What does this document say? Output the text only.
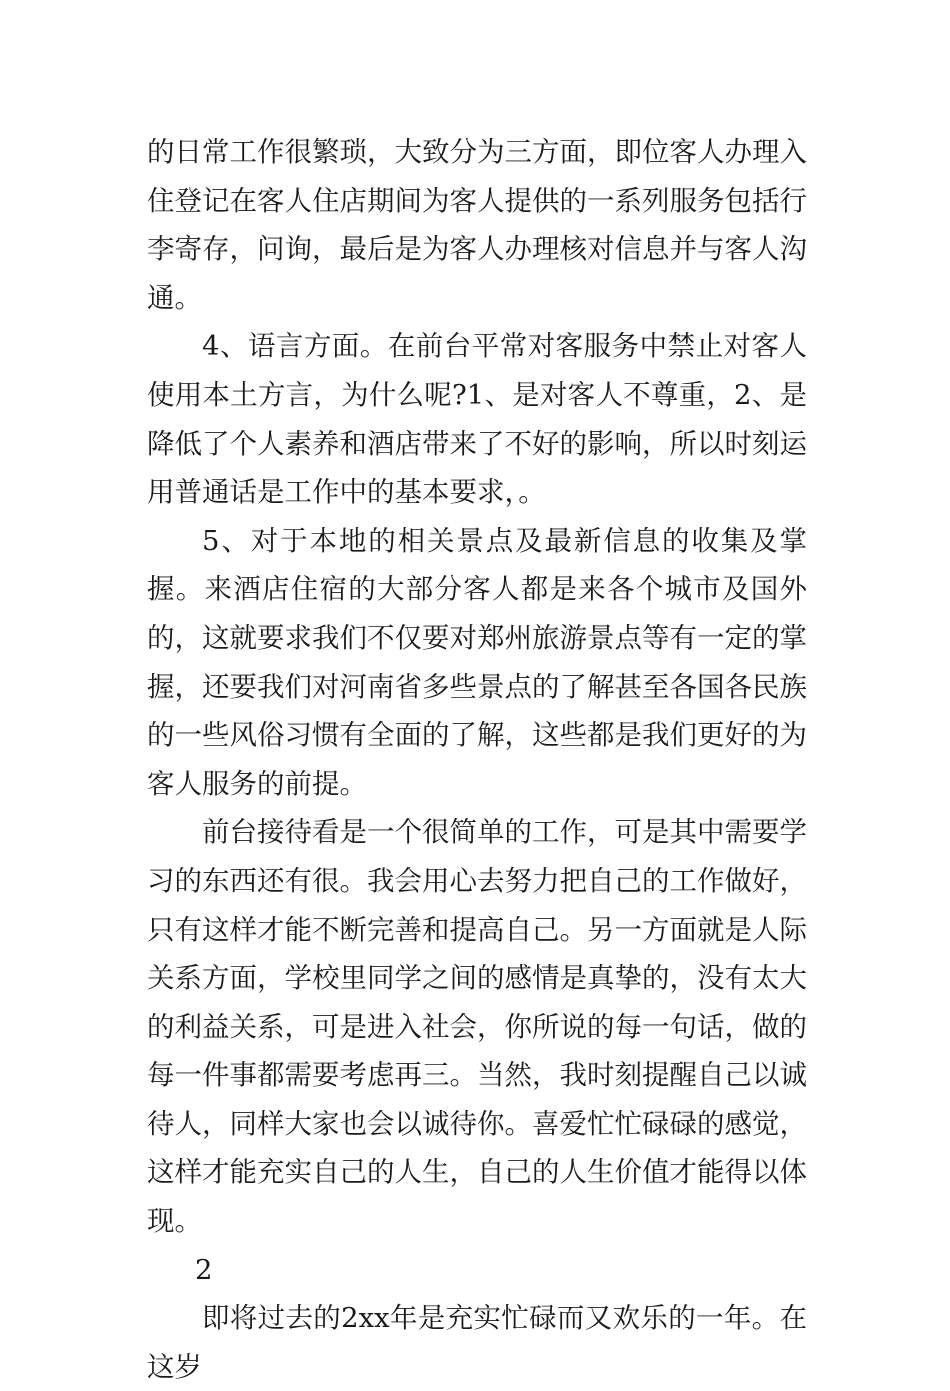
的日常工作很繁琐，大致分为三方面，即位客人办理入住登记在客人住店期间为客人提供的一系列服务包括行李寄存，问询，最后是为客人办理核对信息并与客人沟通。

4、语言方面。在前台平常对客服务中禁止对客人使用本土方言，为什么呢?1、是对客人不尊重，2、是降低了个人素养和酒店带来了不好的影响，所以时刻运用普通话是工作中的基本要求，。

5、对于本地的相关景点及最新信息的收集及掌握。来酒店住宿的大部分客人都是来各个城市及国外的，这就要求我们不仅要对郑州旅游景点等有一定的掌握，还要我们对河南省多些景点的了解甚至各国各民族的一些风俗习惯有全面的了解，这些都是我们更好的为客人服务的前提。

前台接待看是一个很简单的工作，可是其中需要学习的东西还有很。我会用心去努力把自己的工作做好，只有这样才能不断完善和提高自己。另一方面就是人际关系方面，学校里同学之间的感情是真挚的，没有太大的利益关系，可是进入社会，你所说的每一句话，做的每一件事都需要考虑再三。当然，我时刻提醒自己以诚待人，同样大家也会以诚待你。喜爱忙忙碌碌的感觉，这样才能充实自己的人生，自己的人生价值才能得以体现。

2

即将过去的2xx年是充实忙碌而又欢乐的一年。在这岁
